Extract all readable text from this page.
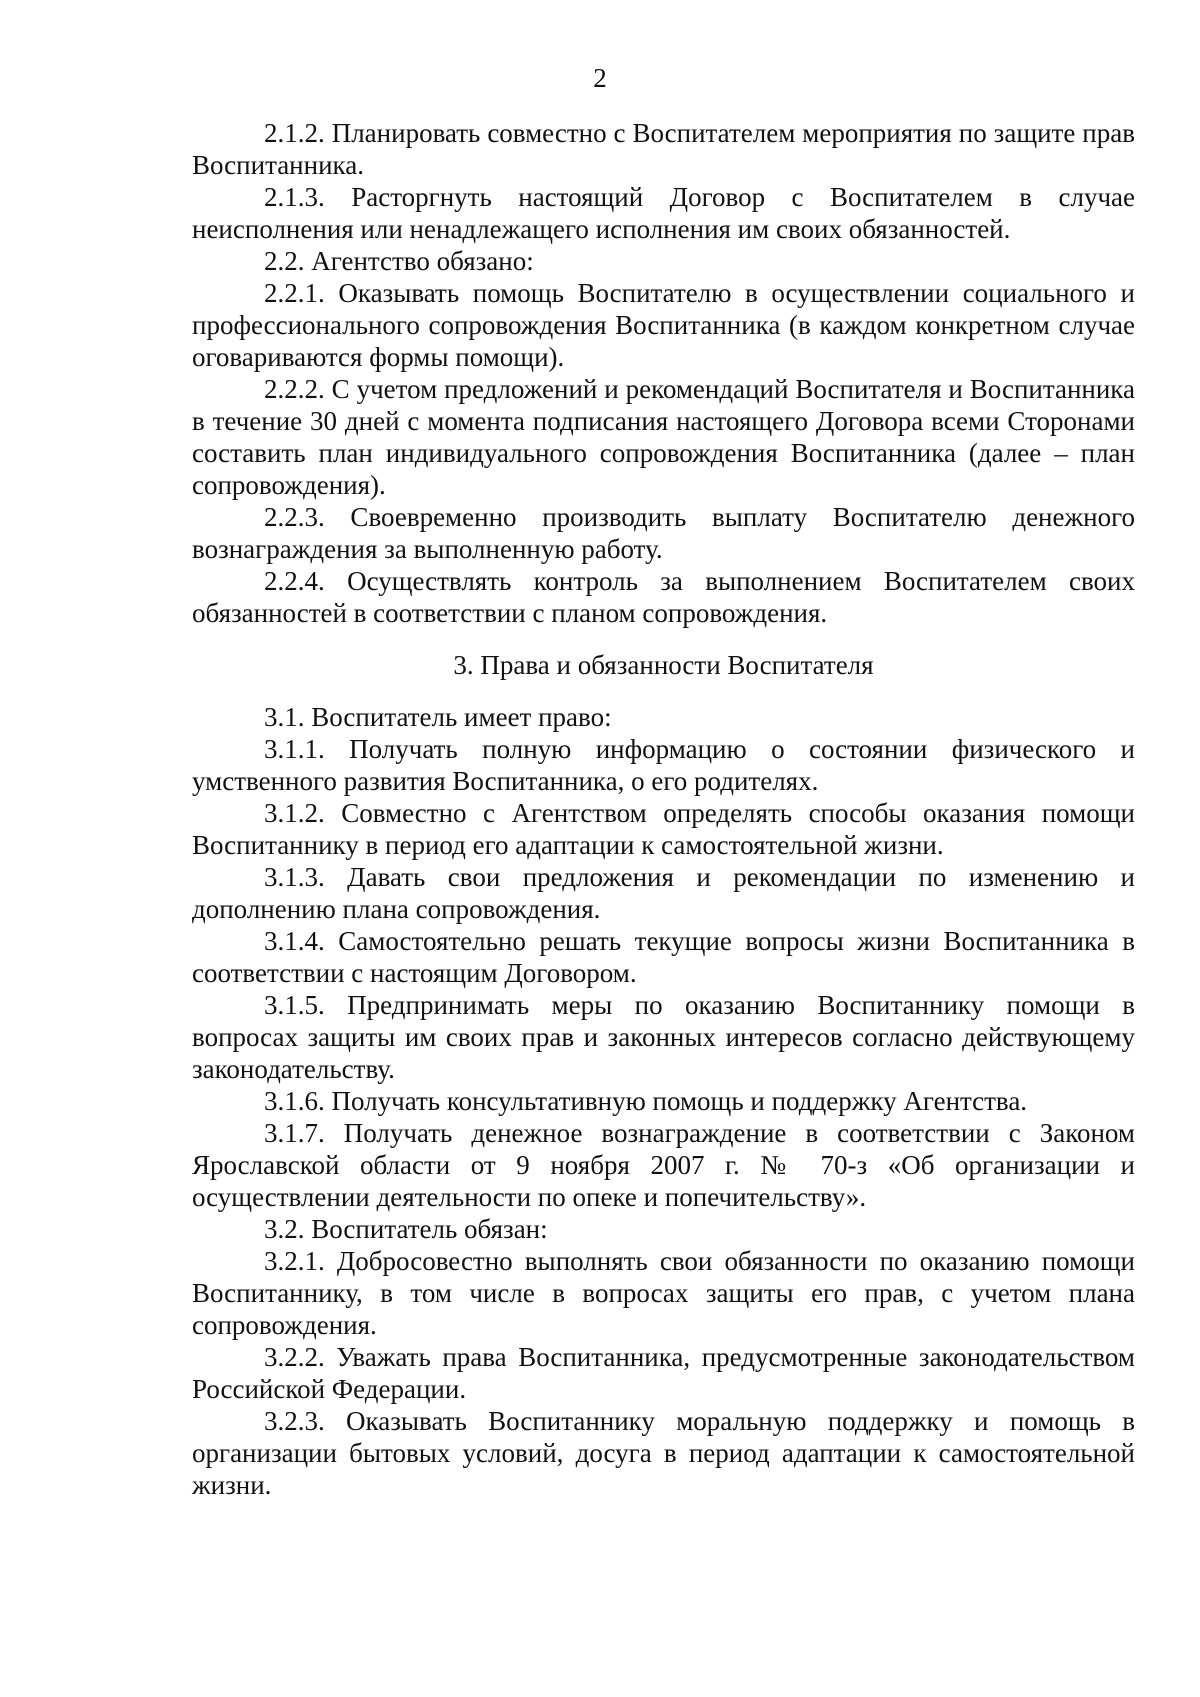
2

2.1.2. Планировать совместно с Воспитателем мероприятия по защите прав Воспитанника.

2.1.3. Расторгнуть настоящий Договор с Воспитателем в случае неисполнения или ненадлежащего исполнения им своих обязанностей.

2.2. Агентство обязано:

2.2.1. Оказывать помощь Воспитателю в осуществлении социального и профессионального сопровождения Воспитанника (в каждом конкретном случае оговариваются формы помощи).

2.2.2. С учетом предложений и рекомендаций Воспитателя и Воспитанника в течение 30 дней с момента подписания настоящего Договора всеми Сторонами составить план индивидуального сопровождения Воспитанника (далее – план сопровождения).

2.2.3. Своевременно производить выплату Воспитателю денежного вознаграждения за выполненную работу.

2.2.4. Осуществлять контроль за выполнением Воспитателем своих обязанностей в соответствии с планом сопровождения.

3. Права и обязанности Воспитателя

3.1. Воспитатель имеет право:

3.1.1. Получать полную информацию о состоянии физического и умственного развития Воспитанника, о его родителях.

3.1.2. Совместно с Агентством определять способы оказания помощи Воспитаннику в период его адаптации к самостоятельной жизни.

3.1.3. Давать свои предложения и рекомендации по изменению и дополнению плана сопровождения.

3.1.4. Самостоятельно решать текущие вопросы жизни Воспитанника в соответствии с настоящим Договором.

3.1.5. Предпринимать меры по оказанию Воспитаннику помощи в вопросах защиты им своих прав и законных интересов согласно действующему законодательству.

3.1.6. Получать консультативную помощь и поддержку Агентства.

3.1.7. Получать денежное вознаграждение в соответствии с Законом Ярославской области от 9 ноября 2007 г. № 70-з «Об организации и осуществлении деятельности по опеке и попечительству».

3.2. Воспитатель обязан:

3.2.1. Добросовестно выполнять свои обязанности по оказанию помощи Воспитаннику, в том числе в вопросах защиты его прав, с учетом плана сопровождения.

3.2.2. Уважать права Воспитанника, предусмотренные законодательством Российской Федерации.

3.2.3. Оказывать Воспитаннику моральную поддержку и помощь в организации бытовых условий, досуга в период адаптации к самостоятельной жизни.
